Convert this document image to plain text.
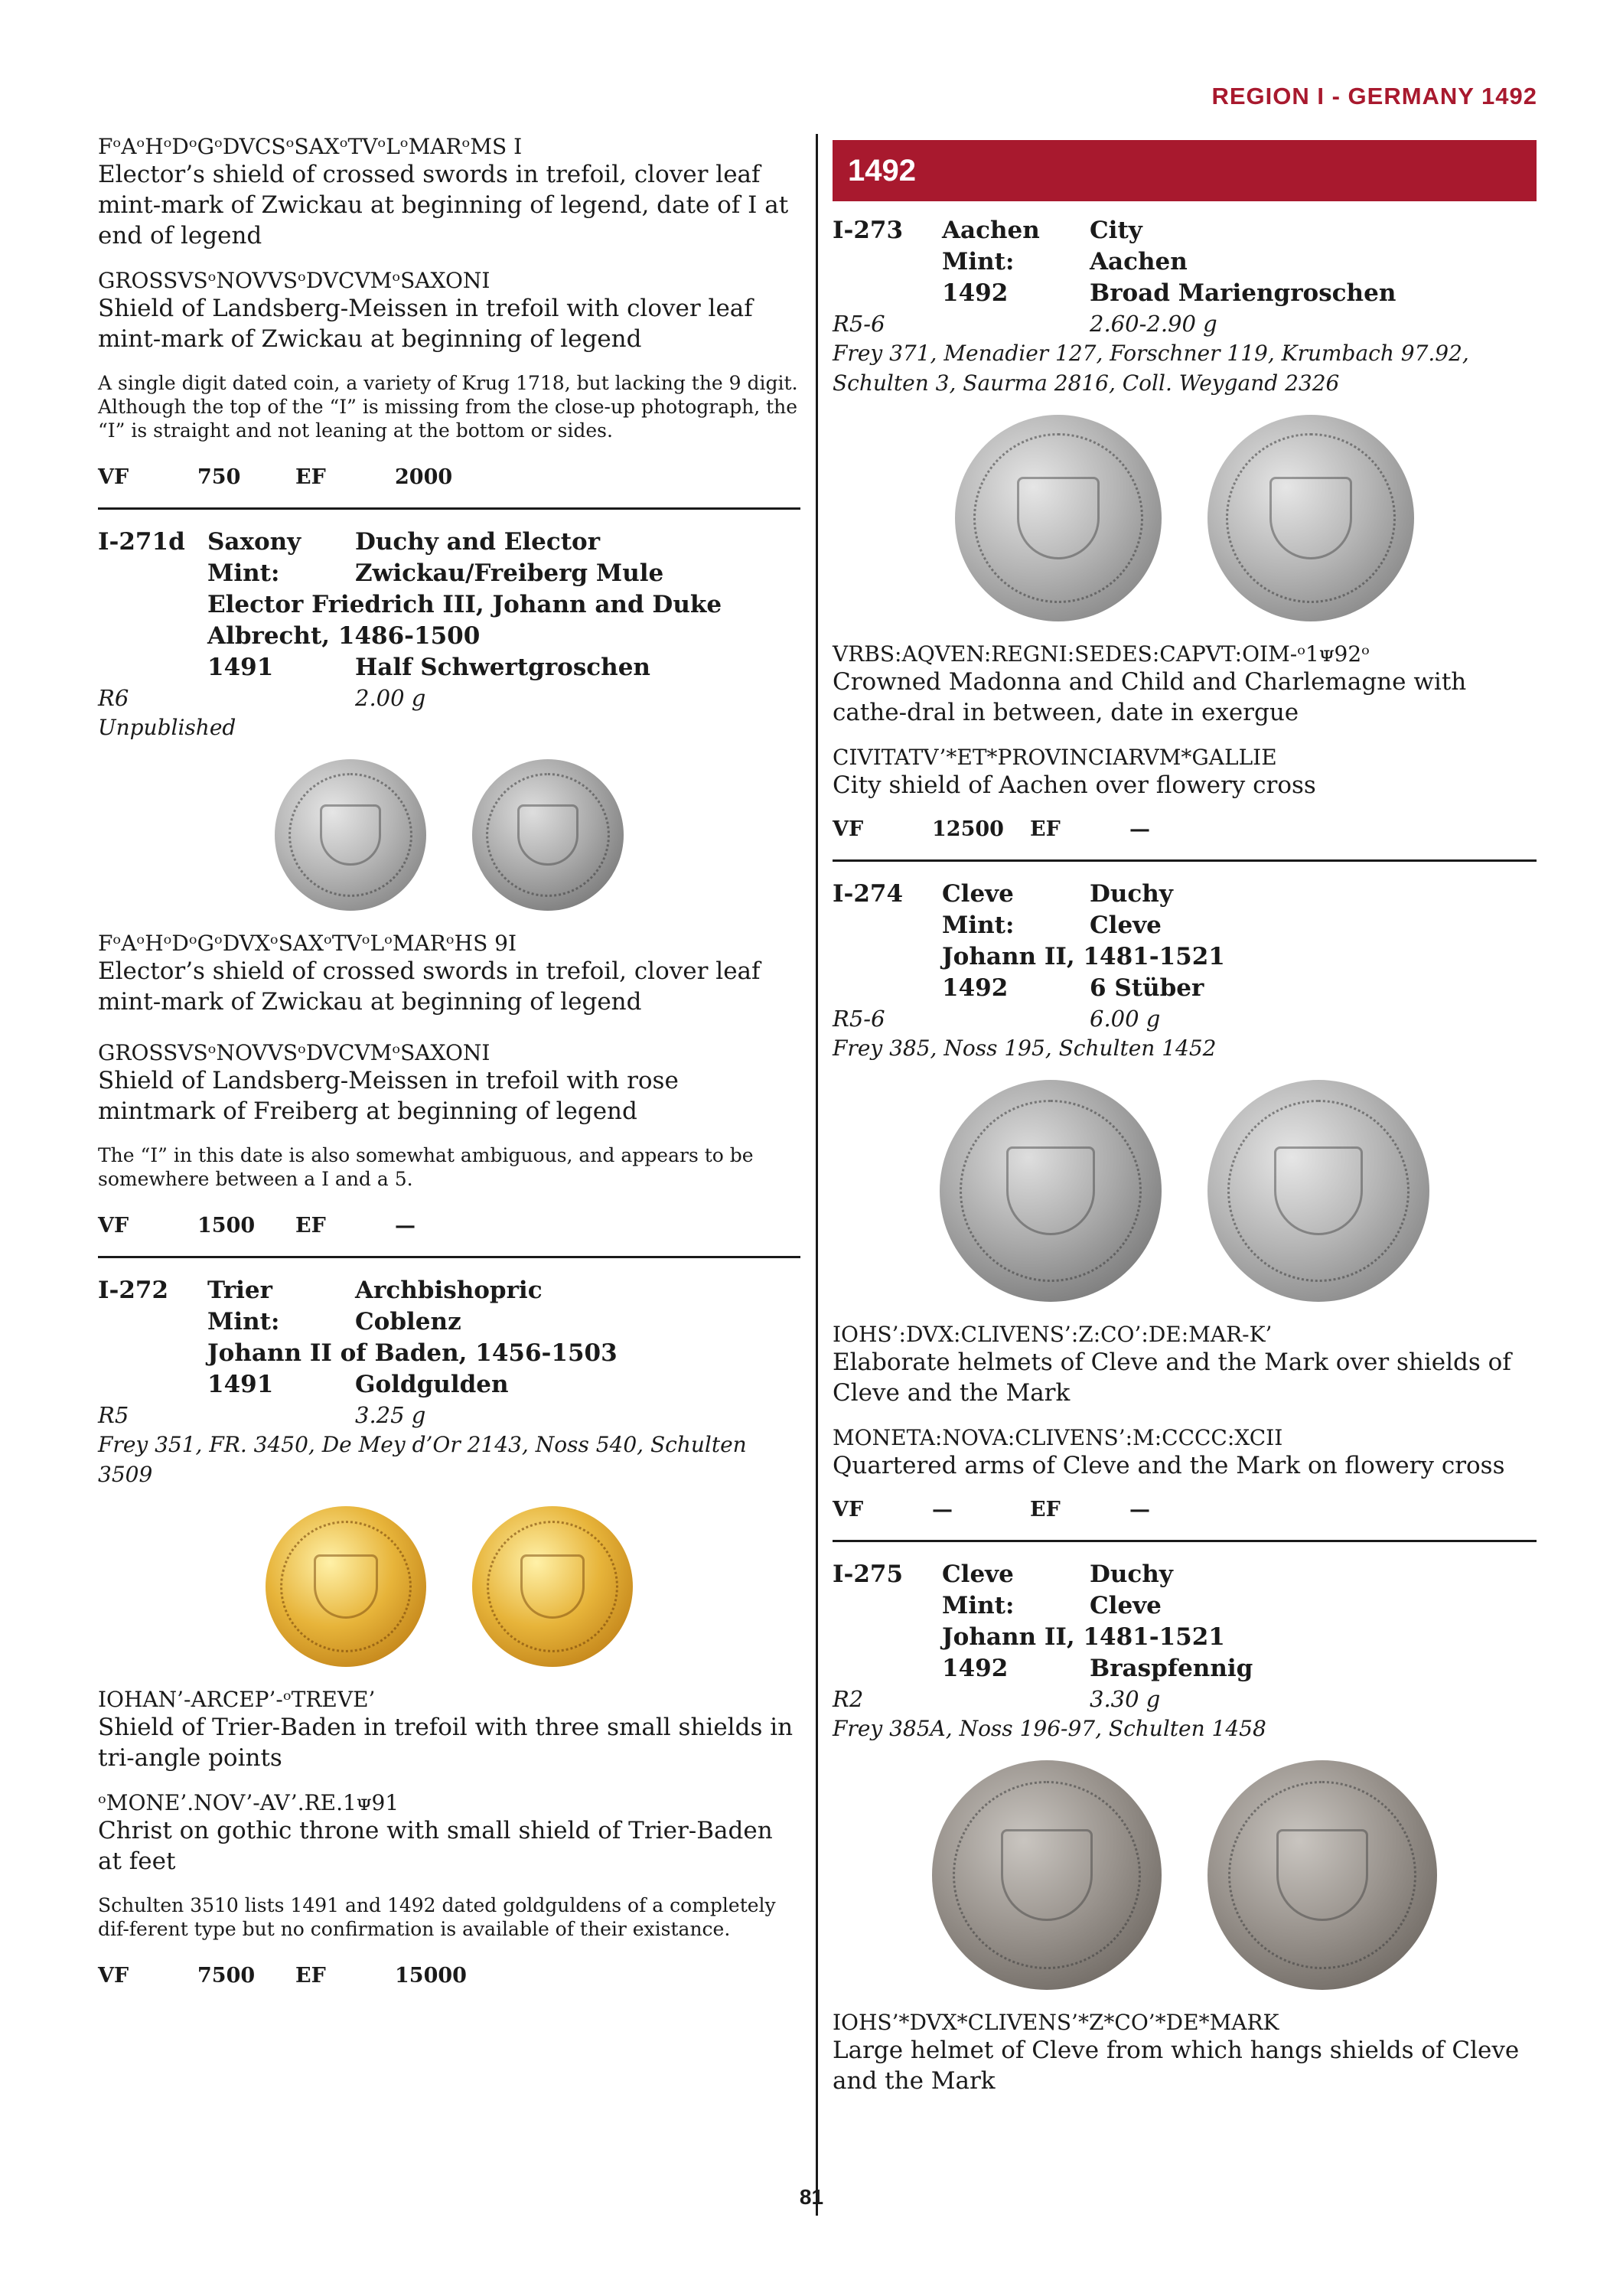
REGION I - GERMANY 1492
FᵒAᵒHᵒDᵒGᵒDVCSᵒSAXᵒTVᵒLᵒMARᵒMS I
Elector’s shield of crossed swords in trefoil, clover leaf mint-mark of Zwickau at beginning of legend, date of I at end of legend
GROSSVSᵒNOVVSᵒDVCVMᵒSAXONI
Shield of Landsberg-Meissen in trefoil with clover leaf mint-mark of Zwickau at beginning of legend
A single digit dated coin, a variety of Krug 1718, but lacking the 9 digit. Although the top of the “I” is missing from the close-up photograph, the “I” is straight and not leaning at the bottom or sides.
VF	750	EF	2000
I-271d Saxony	Duchy and Elector
Mint:	Zwickau/Freiberg Mule
Elector Friedrich III, Johann and Duke Albrecht, 1486-1500
1491	Half Schwertgroschen
R6	2.00 g
Unpublished
FᵒAᵒHᵒDᵒGᵒDVXᵒSAXᵒTVᵒLᵒMARᵒHS 9I
Elector’s shield of crossed swords in trefoil, clover leaf mint-mark of Zwickau at beginning of legend
GROSSVSᵒNOVVSᵒDVCVMᵒSAXONI
Shield of Landsberg-Meissen in trefoil with rose mintmark of Freiberg at beginning of legend
The “I” in this date is also somewhat ambiguous, and appears to be somewhere between a I and a 5.
VF	1500	EF	—
I-272	Trier	Archbishopric
Mint:	Coblenz
Johann II of Baden, 1456-1503
1491	Goldgulden
R5	3.25 g
Frey 351, FR. 3450, De Mey d’Or 2143, Noss 540, Schulten 3509
IOHAN’-ARCEP’-ᵒTREVE’
Shield of Trier-Baden in trefoil with three small shields in tri-angle points
ᵒMONE’.NOV’-AV’.RE.1ᴪ91
Christ on gothic throne with small shield of Trier-Baden at feet
Schulten 3510 lists 1491 and 1492 dated goldguldens of a completely dif-ferent type but no confirmation is available of their existance.
VF	7500	EF	15000
1492
I-273	Aachen	City
Mint:	Aachen
1492	Broad Mariengroschen
R5-6	2.60-2.90 g
Frey 371, Menadier 127, Forschner 119, Krumbach 97.92, Schulten 3, Saurma 2816, Coll. Weygand 2326
VRBS:AQVEN:REGNI:SEDES:CAPVT:OIM-ᵒ1ᴪ92ᵒ
Crowned Madonna and Child and Charlemagne with cathe-dral in between, date in exergue
CIVITATV’*ET*PROVINCIARVM*GALLIE
City shield of Aachen over flowery cross
VF	12500	EF	—
I-274	Cleve	Duchy
Mint:	Cleve
Johann II, 1481-1521
1492	6 Stüber
R5-6	6.00 g
Frey 385, Noss 195, Schulten 1452
IOHS’:DVX:CLIVENS’:Z:CO’:DE:MAR-K’
Elaborate helmets of Cleve and the Mark over shields of Cleve and the Mark
MONETA:NOVA:CLIVENS’:M:CCCC:XCII
Quartered arms of Cleve and the Mark on flowery cross
VF	—	EF	—
I-275	Cleve	Duchy
Mint:	Cleve
Johann II, 1481-1521
1492	Braspfennig
R2	3.30 g
Frey 385A, Noss 196-97, Schulten 1458
IOHS’*DVX*CLIVENS’*Z*CO’*DE*MARK
Large helmet of Cleve from which hangs shields of Cleve and the Mark
81
